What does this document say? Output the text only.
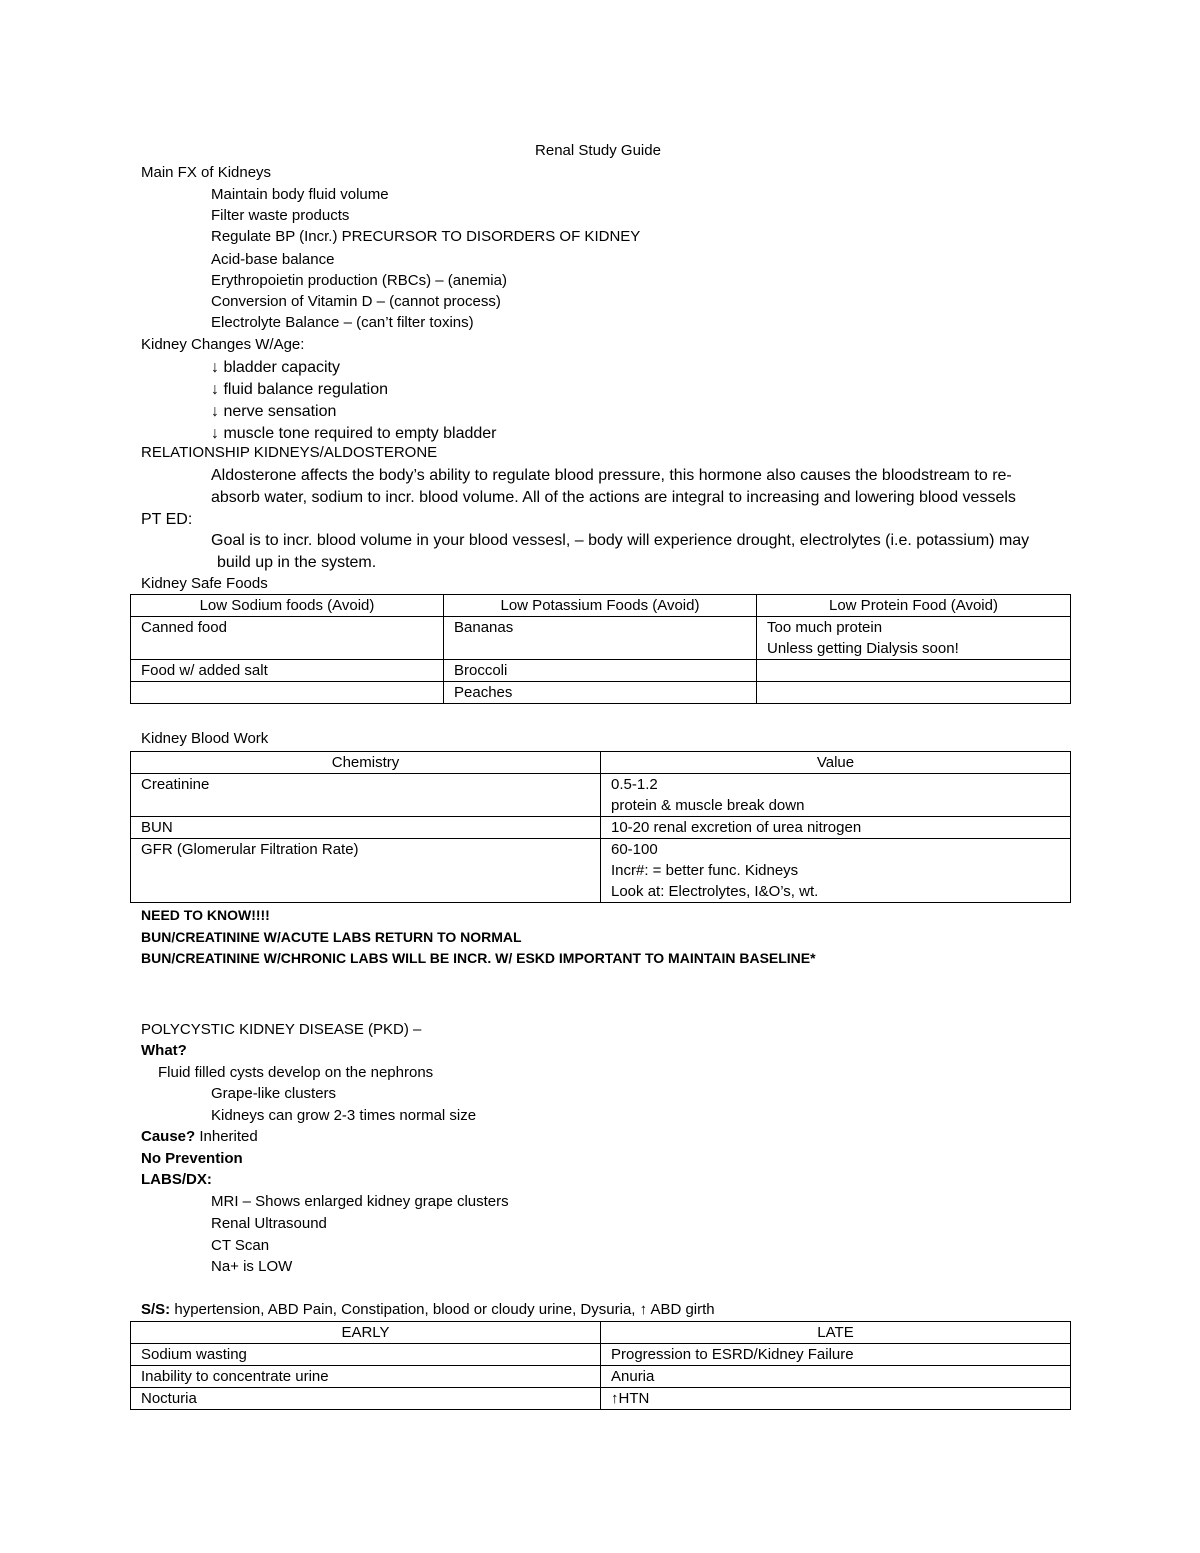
Renal Study Guide
Main FX of Kidneys
Maintain body fluid volume
Filter waste products
Regulate BP (Incr.) PRECURSOR TO DISORDERS OF KIDNEY
Acid-base balance
Erythropoietin production (RBCs) – (anemia)
Conversion of Vitamin D – (cannot process)
Electrolyte Balance – (can’t filter toxins)
Kidney Changes W/Age:
↓ bladder capacity
↓ fluid balance regulation
↓ nerve sensation
↓ muscle tone required to empty bladder
RELATIONSHIP KIDNEYS/ALDOSTERONE
Aldosterone affects the body’s ability to regulate blood pressure, this hormone also causes the bloodstream to re-
absorb water, sodium to incr. blood volume. All of the actions are integral to increasing and lowering blood vessels
PT ED:
Goal is to incr. blood volume in your blood vessesl, – body will experience drought, electrolytes (i.e. potassium) may
build up in the system.
Kidney Safe Foods
Low Sodium foods (Avoid)	Low Potassium Foods (Avoid)	Low Protein Food (Avoid)

Canned food	Bananas	Too much protein
Unless getting Dialysis soon!

Food w/ added salt	Broccoli	
	Peaches	
Kidney Blood Work
Chemistry	Value
Creatinine	0.5-1.2
protein & muscle break down

BUN	10-20 renal excretion of urea nitrogen
GFR (Glomerular Filtration Rate)	60-100
Incr#: = better func. Kidneys
Look at: Electrolytes, I&O’s, wt.
NEED TO KNOW!!!!
BUN/CREATININE W/ACUTE LABS RETURN TO NORMAL
BUN/CREATININE W/CHRONIC LABS WILL BE INCR. W/ ESKD IMPORTANT TO MAINTAIN BASELINE*
POLYCYSTIC KIDNEY DISEASE (PKD) –
What?
Fluid filled cysts develop on the nephrons
Grape-like clusters
Kidneys can grow 2-3 times normal size
Cause? Inherited
No Prevention
LABS/DX:
MRI – Shows enlarged kidney grape clusters
Renal Ultrasound
CT Scan
Na+ is LOW
S/S: hypertension, ABD Pain, Constipation, blood or cloudy urine, Dysuria, ↑ ABD girth
EARLY	LATE
Sodium wasting	Progression to ESRD/Kidney Failure
Inability to concentrate urine	Anuria
Nocturia	↑HTN
